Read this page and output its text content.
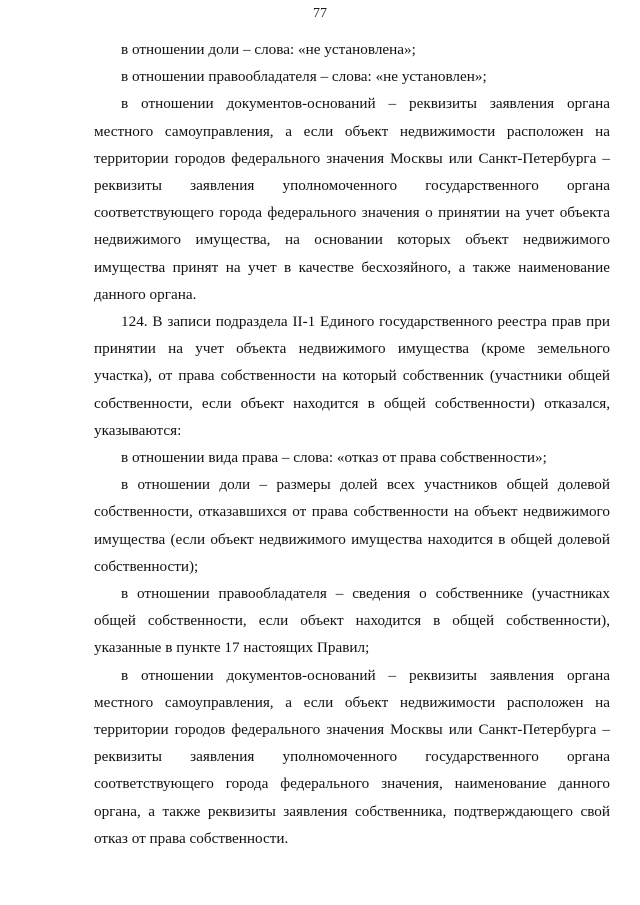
77

в отношении доли – слова: «не установлена»;

в отношении правообладателя – слова: «не установлен»;

в отношении документов-оснований – реквизиты заявления органа местного самоуправления, а если объект недвижимости расположен на территории городов федерального значения Москвы или Санкт-Петербурга – реквизиты заявления уполномоченного государственного органа соответствующего города федерального значения о принятии на учет объекта недвижимого имущества, на основании которых объект недвижимого имущества принят на учет в качестве бесхозяйного, а также наименование данного органа.

124. В записи подраздела II-1 Единого государственного реестра прав при принятии на учет объекта недвижимого имущества (кроме земельного участка), от права собственности на который собственник (участники общей собственности, если объект находится в общей собственности) отказался, указываются:

в отношении вида права – слова: «отказ от права собственности»;

в отношении доли – размеры долей всех участников общей долевой собственности, отказавшихся от права собственности на объект недвижимого имущества (если объект недвижимого имущества находится в общей долевой собственности);

в отношении правообладателя – сведения о собственнике (участниках общей собственности, если объект находится в общей собственности), указанные в пункте 17 настоящих Правил;

в отношении документов-оснований – реквизиты заявления органа местного самоуправления, а если объект недвижимости расположен на территории городов федерального значения Москвы или Санкт-Петербурга – реквизиты заявления уполномоченного государственного органа соответствующего города федерального значения, наименование данного органа, а также реквизиты заявления собственника, подтверждающего свой отказ от права собственности.
